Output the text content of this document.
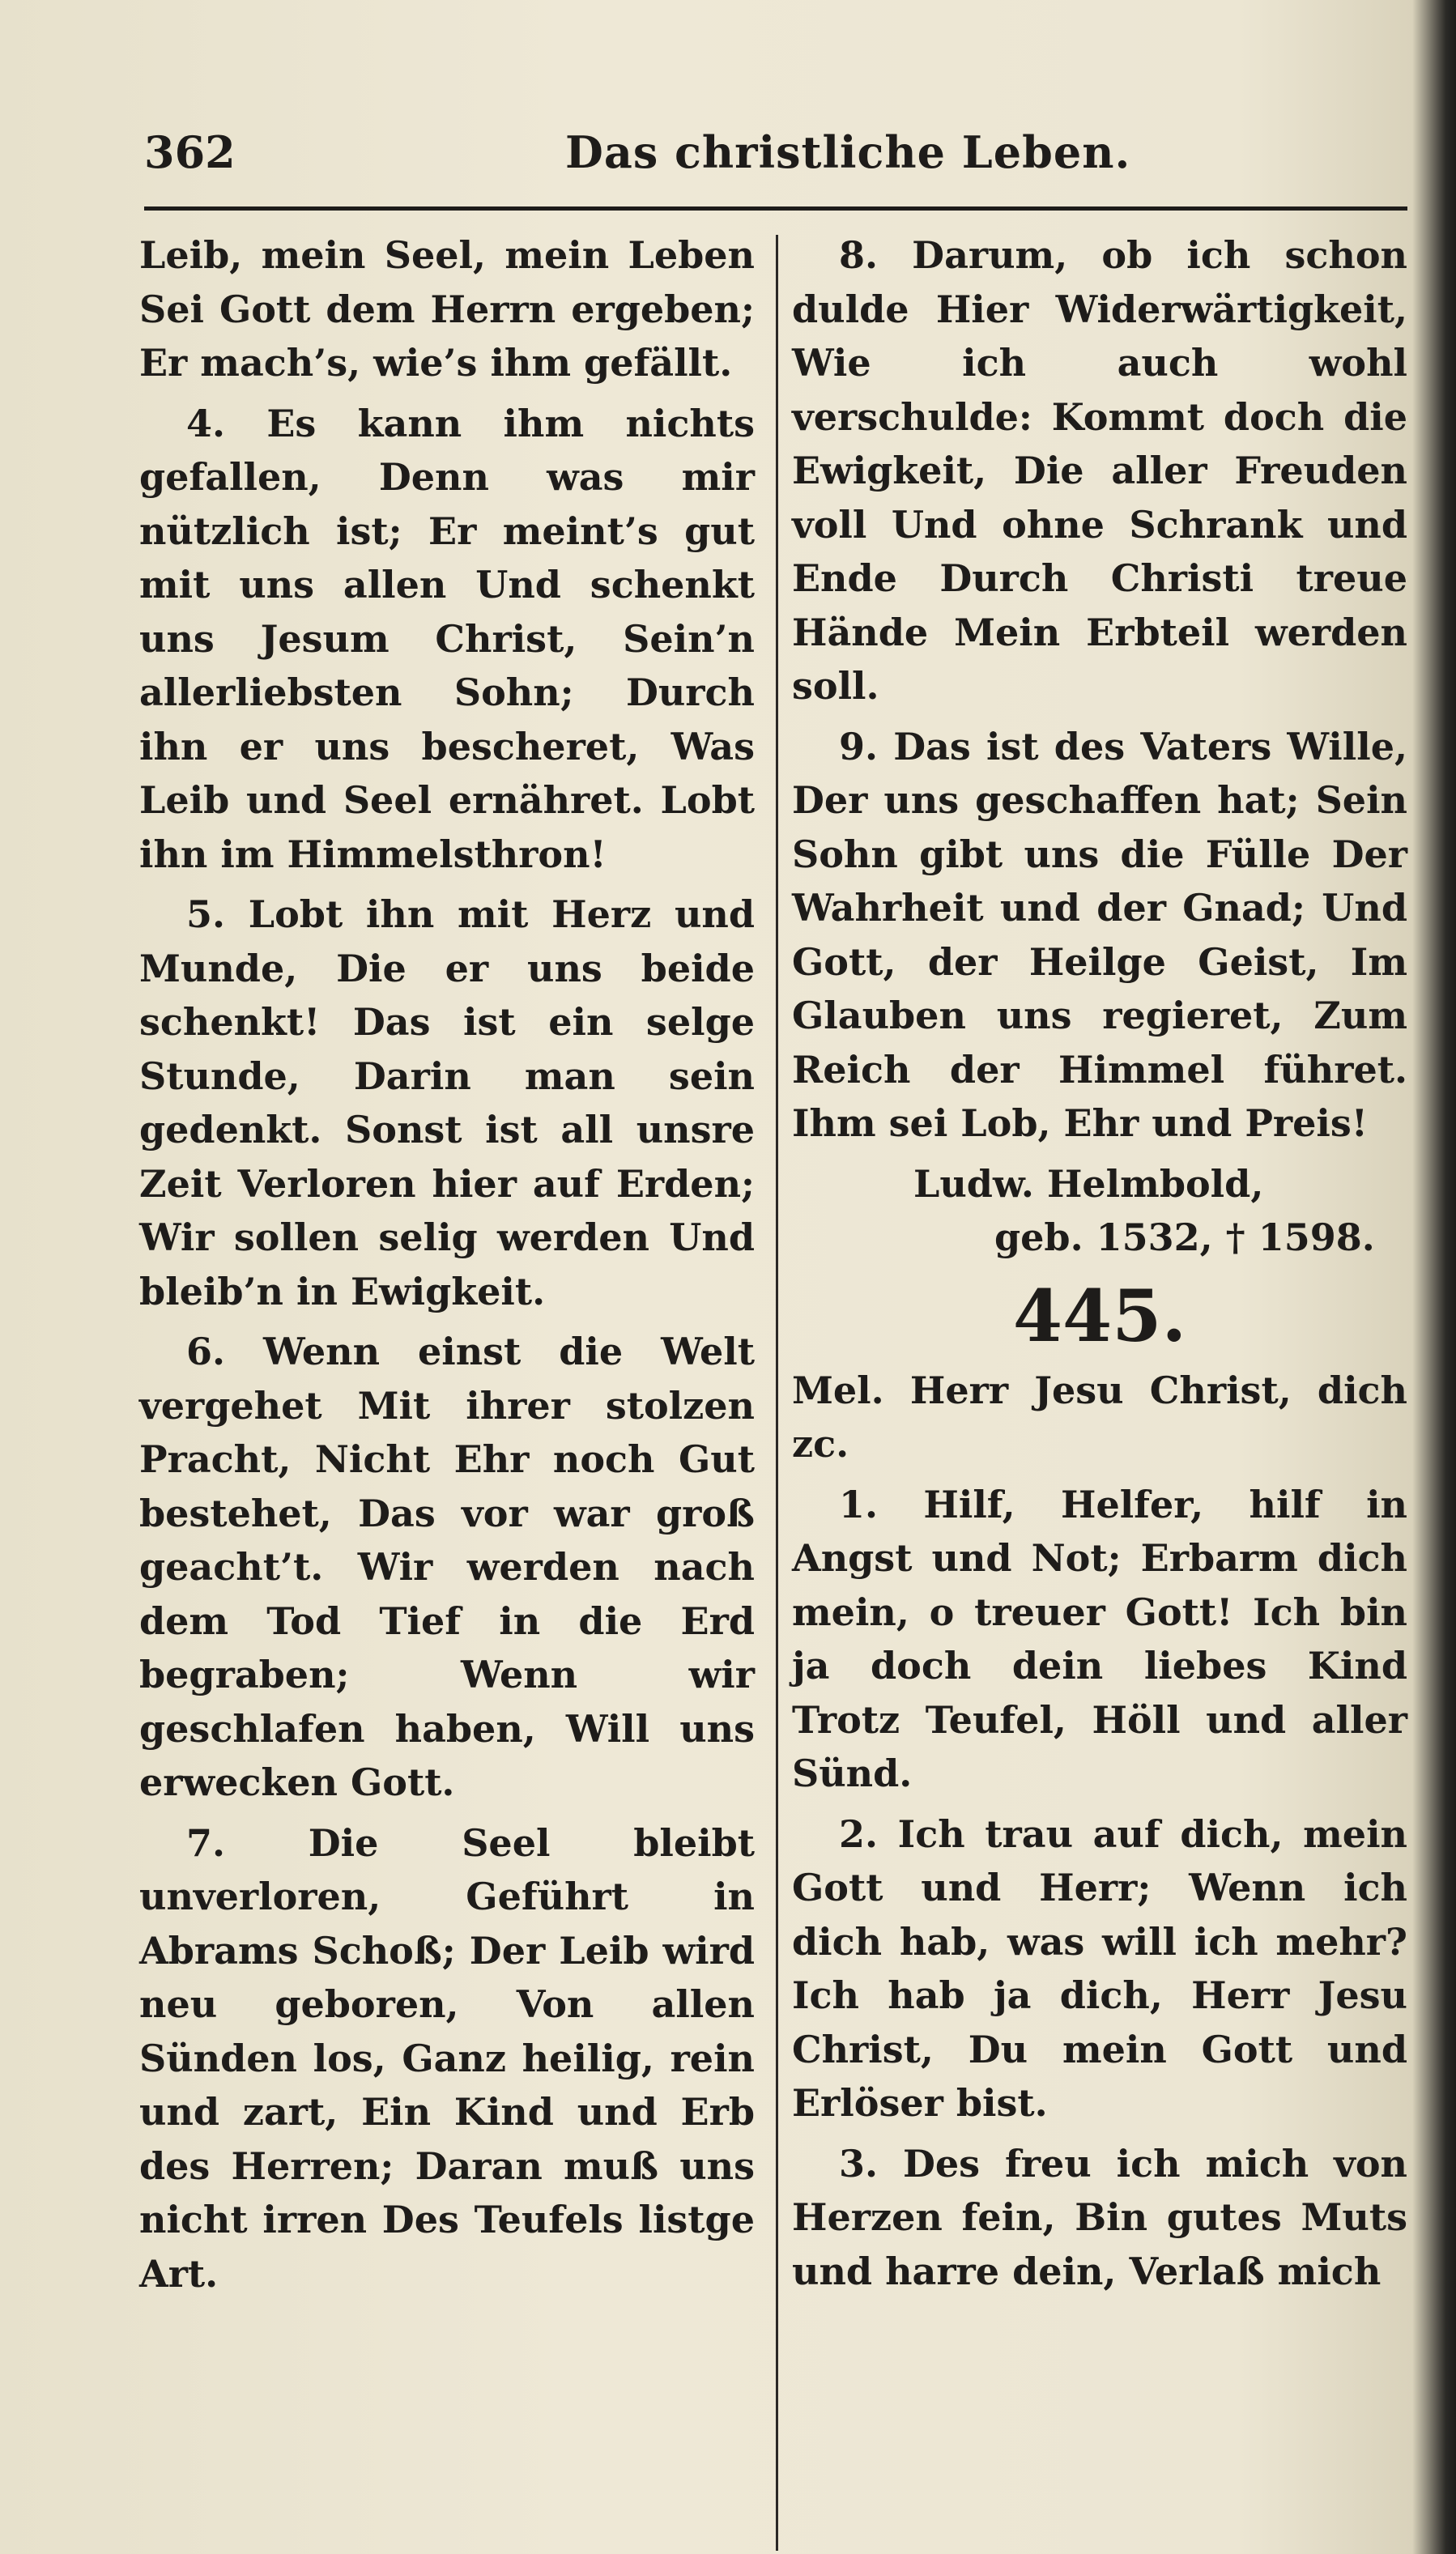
362	Das christliche Leben.

Leib, mein Seel, mein Leben Sei Gott dem Herrn ergeben; Er mach’s, wie’s ihm gefällt.

4. Es kann ihm nichts gefallen, Denn was mir nützlich ist; Er meint’s gut mit uns allen Und schenkt uns Jesum Christ, Sein’n allerliebsten Sohn; Durch ihn er uns bescheret, Was Leib und Seel ernähret. Lobt ihn im Himmelsthron!

5. Lobt ihn mit Herz und Munde, Die er uns beide schenkt! Das ist ein selge Stunde, Darin man sein gedenkt. Sonst ist all unsre Zeit Verloren hier auf Erden; Wir sollen selig werden Und bleib’n in Ewigkeit.

6. Wenn einst die Welt vergehet Mit ihrer stolzen Pracht, Nicht Ehr noch Gut bestehet, Das vor war groß geacht’t. Wir werden nach dem Tod Tief in die Erd begraben; Wenn wir geschlafen haben, Will uns erwecken Gott.

7. Die Seel bleibt unverloren, Geführt in Abrams Schoß; Der Leib wird neu geboren, Von allen Sünden los, Ganz heilig, rein und zart, Ein Kind und Erb des Herren; Daran muß uns nicht irren Des Teufels listge Art.

8. Darum, ob ich schon dulde Hier Widerwärtigkeit, Wie ich auch wohl verschulde: Kommt doch die Ewigkeit, Die aller Freuden voll Und ohne Schrank und Ende Durch Christi treue Hände Mein Erbteil werden soll.

9. Das ist des Vaters Wille, Der uns geschaffen hat; Sein Sohn gibt uns die Fülle Der Wahrheit und der Gnad; Und Gott, der Heilge Geist, Im Glauben uns regieret, Zum Reich der Himmel führet. Ihm sei Lob, Ehr und Preis!

Ludw. Helmbold,
geb. 1532, † 1598.
445.

Mel. Herr Jesu Christ, dich zc.

1. Hilf, Helfer, hilf in Angst und Not; Erbarm dich mein, o treuer Gott! Ich bin ja doch dein liebes Kind Trotz Teufel, Höll und aller Sünd.

2. Ich trau auf dich, mein Gott und Herr; Wenn ich dich hab, was will ich mehr? Ich hab ja dich, Herr Jesu Christ, Du mein Gott und Erlöser bist.

3. Des freu ich mich von Herzen fein, Bin gutes Muts und harre dein, Verlaß mich
